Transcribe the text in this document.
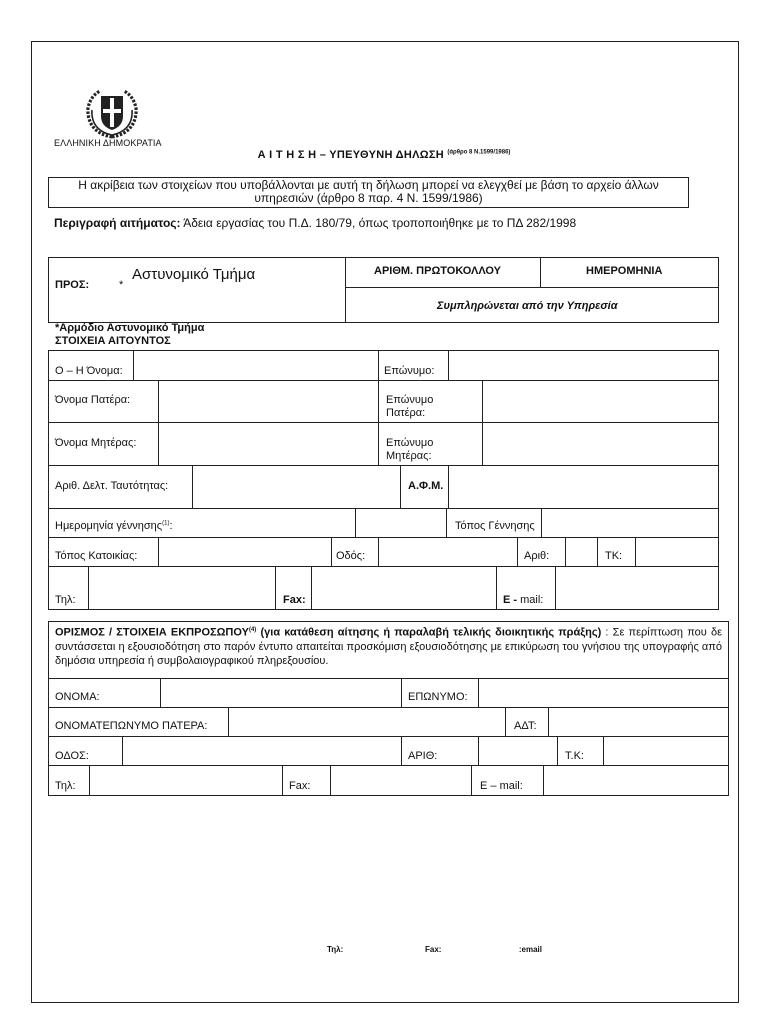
ΕΛΛΗΝΙΚΗ ΔΗΜΟΚΡΑΤΙΑ
Α Ι Τ Η Σ Η – ΥΠΕΥΘΥΝΗ ΔΗΛΩΣΗ $^{(ά\rho\theta\rho o 8 N.1599/1986)}$
Η ακρίβεια των στοιχείων που υποβάλλονται με αυτή τη δήλωση μπορεί να ελεγχθεί με βάση το αρχείο άλλων υπηρεσιών (άρθρο 8 παρ. 4 Ν. 1599/1986)
Περιγραφή αιτήματος: Άδεια εργασίας του Π.Δ. 180/79, όπως τροποποιήθηκε με το ΠΔ 282/1998
ΠΡΟΣ:	*
Αστυνομικό Τμήμα	ΑΡΙΘΜ. ΠΡΩΤΟΚΟΛΛΟΥ	ΗΜΕΡΟΜΗΝΙΑ
Συμπληρώνεται από την Υπηρεσία
*Αρμόδιο Αστυνομικό Τμήμα
ΣΤΟΙΧΕΙΑ ΑΙΤΟΥΝΤΟΣ
Ο – Η Όνομα:	Επώνυμο:
Όνομα Πατέρα:	Επώνυμο Πατέρα:
Όνομα Μητέρας:	Επώνυμο Μητέρας:
Αριθ. Δελτ. Ταυτότητας:	Α.Φ.Μ.
Ημερομηνία γέννησης$^{(1)}$:	Τόπος Γέννησης
Τόπος Κατοικίας:	Οδός:	Αριθ:	ΤΚ:
Τηλ:	Fax:	E - mail:
ΟΡΙΣΜΟΣ / ΣΤΟΙΧΕΙΑ ΕΚΠΡΟΣΩΠΟΥ$^{(4)}$ (για κατάθεση αίτησης ή παραλαβή τελικής διοικητικής πράξης) : Σε περίπτωση που δε συντάσσεται η εξουσιοδότηση στο παρόν έντυπο απαιτείται προσκόμιση εξουσιοδότησης με επικύρωση του γνήσιου της υπογραφής από δημόσια υπηρεσία ή συμβολαιογραφικού πληρεξουσίου.
ΟΝΟΜΑ:	ΕΠΩΝΥΜΟ:
ΟΝΟΜΑΤΕΠΩΝΥΜΟ ΠΑΤΕΡΑ:	ΑΔΤ:
ΟΔΟΣ:	ΑΡΙΘ:	Τ.Κ:
Τηλ:	Fax:	E – mail:
Τηλ:	Fax:	email:
